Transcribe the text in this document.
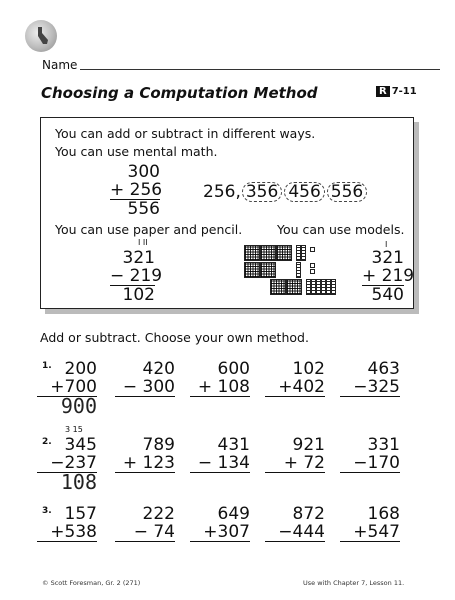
Name
Choosing a Computation Method	R 7-11
You can add or subtract in different ways.
You can use mental math.
300
+ 256
556
256, 356 456 556
You can use paper and pencil.	You can use models.
I II
321
− 219
102
I
321
+ 219
540
Add or subtract. Choose your own method.
1. 200
+700
900
420
− 300
600
+ 108
102
+402
463
−325
2.
3 15
345
−237
108
789
+ 123
431
− 134
921
+ 72
331
−170
3. 157
+538
222
− 74
649
+307
872
−444
168
+547
© Scott Foresman, Gr. 2 (271)	Use with Chapter 7, Lesson 11.
